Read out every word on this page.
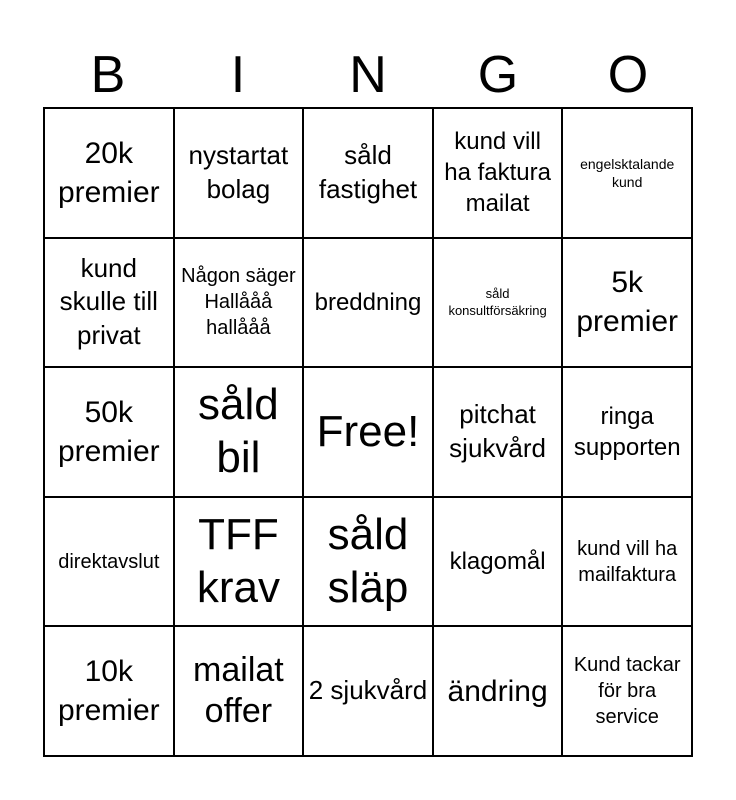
B	I	N	G	O
20k premier
nystartat bolag
såld fastighet
kund vill ha faktura mailat
engelsktalande kund
kund skulle till privat
Någon säger Hallååå hallååå
breddning	såld konsultförsäkring
5k premier
50k premier
såld bil
Free!	pitchat sjukvård
ringa supporten
direktavslut
TFF krav
såld släp
klagomål	kund vill ha mailfaktura
10k premier
mailat offer
2 sjukvård ändring
Kund tackar för bra service
